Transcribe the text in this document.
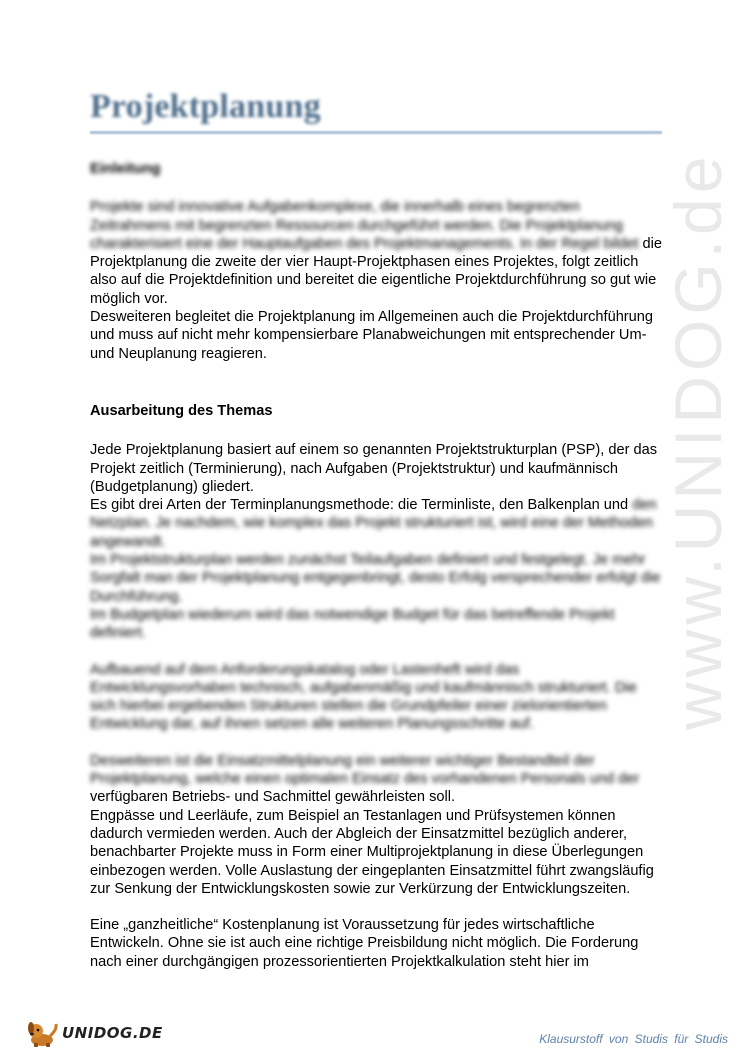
www.UNIDOG.de
Projektplanung

Einleitung

Projekte sind innovative Aufgabenkomplexe, die innerhalb eines begrenzten Zeitrahmens mit begrenzten Ressourcen durchgeführt werden. Die Projektplanung charakterisiert eine der Hauptaufgaben des Projektmanagements. In der Regel bildet die Projektplanung die zweite der vier Haupt-Projektphasen eines Projektes, folgt zeitlich also auf die Projektdefinition und bereitet die eigentliche Projektdurchführung so gut wie möglich vor.

Desweiteren begleitet die Projektplanung im Allgemeinen auch die Projektdurchführung und muss auf nicht mehr kompensierbare Planabweichungen mit entsprechender Um- und Neuplanung reagieren.

Ausarbeitung des Themas

Jede Projektplanung basiert auf einem so genannten Projektstrukturplan (PSP), der das Projekt zeitlich (Terminierung), nach Aufgaben (Projektstruktur) und kaufmännisch (Budgetplanung) gliedert.

Es gibt drei Arten der Terminplanungsmethode: die Terminliste, den Balkenplan und den Netzplan. Je nachdem, wie komplex das Projekt strukturiert ist, wird eine der Methoden angewandt.

Im Projektstrukturplan werden zunächst Teilaufgaben definiert und festgelegt. Je mehr Sorgfalt man der Projektplanung entgegenbringt, desto Erfolg versprechender erfolgt die Durchführung.

Im Budgetplan wiederum wird das notwendige Budget für das betreffende Projekt definiert.

Aufbauend auf dem Anforderungskatalog oder Lastenheft wird das Entwicklungsvorhaben technisch, aufgabenmäßig und kaufmännisch strukturiert. Die sich hierbei ergebenden Strukturen stellen die Grundpfeiler einer zielorientierten Entwicklung dar, auf ihnen setzen alle weiteren Planungsschritte auf.

Desweiteren ist die Einsatzmittelplanung ein weiterer wichtiger Bestandteil der Projektplanung, welche einen optimalen Einsatz des vorhandenen Personals und der verfügbaren Betriebs- und Sachmittel gewährleisten soll.

Engpässe und Leerläufe, zum Beispiel an Testanlagen und Prüfsystemen können dadurch vermieden werden. Auch der Abgleich der Einsatzmittel bezüglich anderer, benachbarter Projekte muss in Form einer Multiprojektplanung in diese Überlegungen einbezogen werden. Volle Auslastung der eingeplanten Einsatzmittel führt zwangsläufig zur Senkung der Entwicklungskosten sowie zur Verkürzung der Entwicklungszeiten.

Eine „ganzheitliche“ Kostenplanung ist Voraussetzung für jedes wirtschaftliche Entwickeln. Ohne sie ist auch eine richtige Preisbildung nicht möglich. Die Forderung nach einer durchgängigen prozessorientierten Projektkalkulation steht hier im

UNIDOG.DE	Klausurstoff von Studis für Studis
